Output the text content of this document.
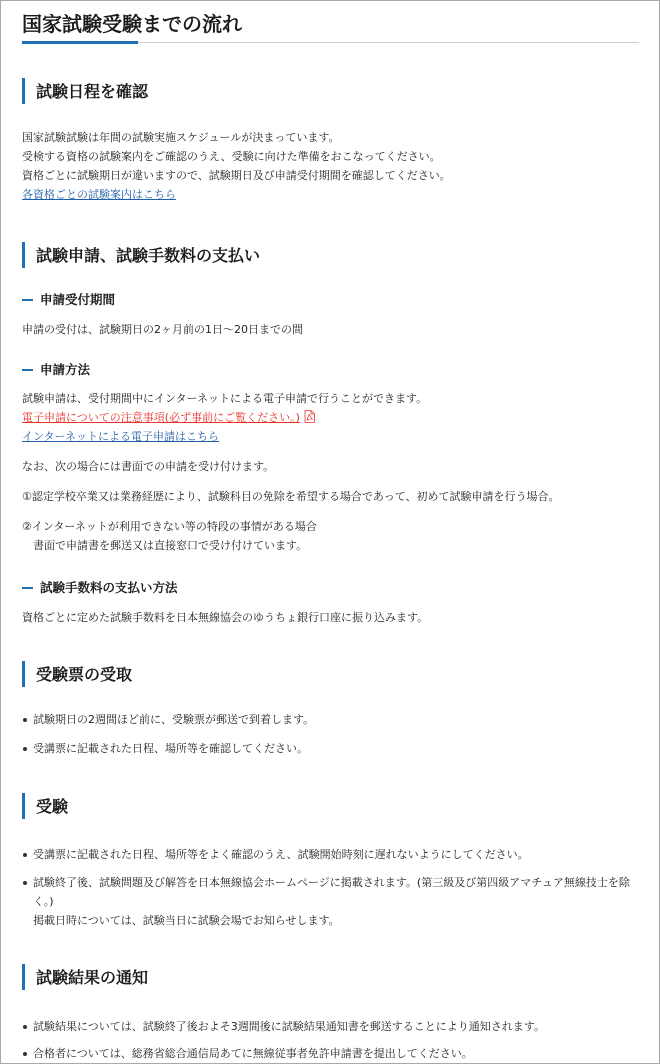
国家試験受験までの流れ
試験日程を確認
国家試験試験は年間の試験実施スケジュールが決まっています。
受検する資格の試験案内をご確認のうえ、受験に向けた準備をおこなってください。
資格ごとに試験期日が違いますので、試験期日及び申請受付期間を確認してください。
各資格ごとの試験案内はこちら
試験申請、試験手数料の支払い
申請受付期間
申請の受付は、試験期日の2ヶ月前の1日～20日までの間
申請方法
試験申請は、受付期間中にインターネットによる電子申請で行うことができます。
電子申請についての注意事項(必ず事前にご覧ください。)
インターネットによる電子申請はこちら
なお、次の場合には書面での申請を受け付けます。
①認定学校卒業又は業務経歴により、試験科目の免除を希望する場合であって、初めて試験申請を行う場合。
②インターネットが利用できない等の特段の事情がある場合
書面で申請書を郵送又は直接窓口で受け付けています。
試験手数料の支払い方法
資格ごとに定めた試験手数料を日本無線協会のゆうちょ銀行口座に振り込みます。
受験票の受取
試験期日の2週間ほど前に、受験票が郵送で到着します。
受講票に記載された日程、場所等を確認してください。
受験
受講票に記載された日程、場所等をよく確認のうえ、試験開始時刻に遅れないようにしてください。
試験終了後、試験問題及び解答を日本無線協会ホームページに掲載されます。(第三級及び第四級アマチュア無線技士を除く。)
掲載日時については、試験当日に試験会場でお知らせします。
試験結果の通知
試験結果については、試験終了後およそ3週間後に試験結果通知書を郵送することにより通知されます。
合格者については、総務省総合通信局あてに無線従事者免許申請書を提出してください。
